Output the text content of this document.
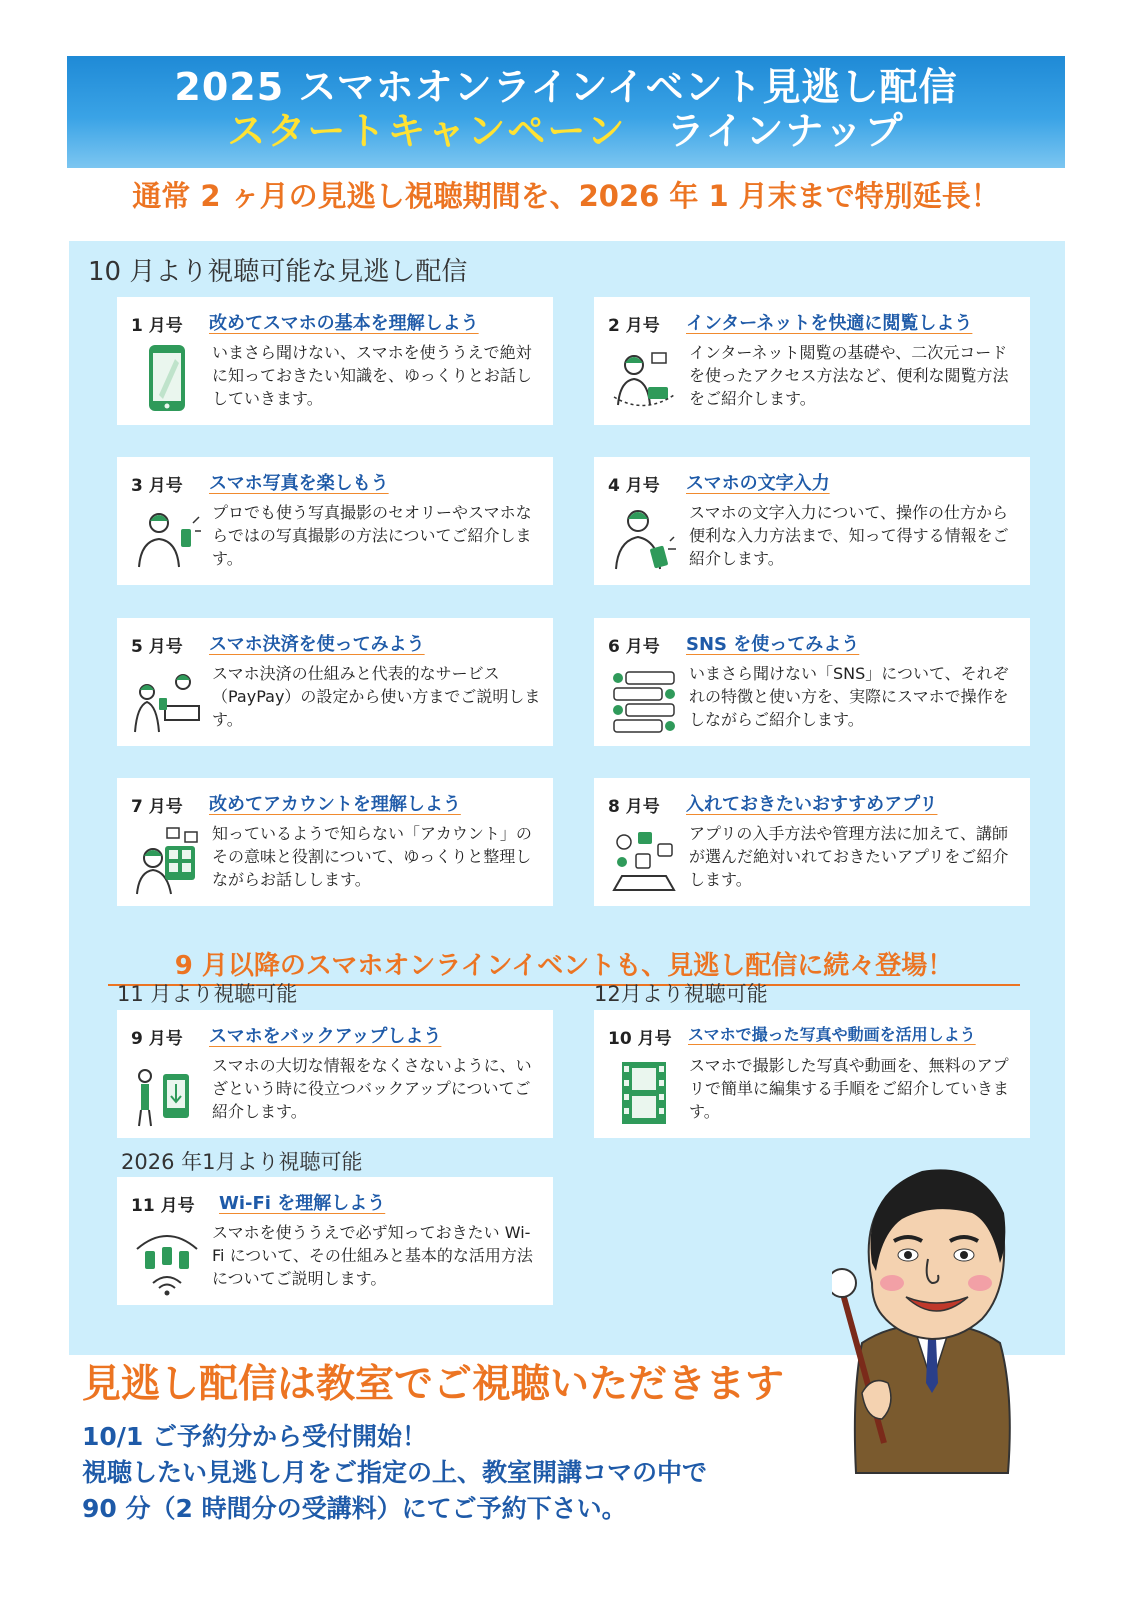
2025 スマホオンラインイベント見逃し配信
スタートキャンペーン ラインナップ
通常 2 ヶ月の見逃し視聴期間を、2026 年 1 月末まで特別延長！
10 月より視聴可能な見逃し配信
1 月号 改めてスマホの基本を理解しよう
いまさら聞けない、スマホを使ううえで絶対に知っておきたい知識を、ゆっくりとお話ししていきます。
2 月号 インターネットを快適に閲覧しよう
インターネット閲覧の基礎や、二次元コードを使ったアクセス方法など、便利な閲覧方法をご紹介します。
3 月号 スマホ写真を楽しもう
プロでも使う写真撮影のセオリーやスマホならではの写真撮影の方法についてご紹介します。
4 月号 スマホの文字入力
スマホの文字入力について、操作の仕方から便利な入力方法まで、知って得する情報をご紹介します。
5 月号 スマホ決済を使ってみよう
スマホ決済の仕組みと代表的なサービス（PayPay）の設定から使い方までご説明します。
6 月号 SNS を使ってみよう
いまさら聞けない「SNS」について、それぞれの特徴と使い方を、実際にスマホで操作をしながらご紹介します。
7 月号 改めてアカウントを理解しよう
知っているようで知らない「アカウント」のその意味と役割について、ゆっくりと整理しながらお話しします。
8 月号 入れておきたいおすすめアプリ
アプリの入手方法や管理方法に加えて、講師が選んだ絶対いれておきたいアプリをご紹介します。
9 月以降のスマホオンラインイベントも、見逃し配信に続々登場！
11 月より視聴可能	12月より視聴可能
9 月号 スマホをバックアップしよう
スマホの大切な情報をなくさないように、いざという時に役立つバックアップについてご紹介します。
10 月号 スマホで撮った写真や動画を活用しよう
スマホで撮影した写真や動画を、無料のアプリで簡単に編集する手順をご紹介していきます。
2026 年1月より視聴可能
11 月号 Wi-Fi を理解しよう
スマホを使ううえで必ず知っておきたい Wi-Fi について、その仕組みと基本的な活用方法についてご説明します。
見逃し配信は教室でご視聴いただきます
10/1 ご予約分から受付開始！
視聴したい見逃し月をご指定の上、教室開講コマの中で
90 分（2 時間分の受講料）にてご予約下さい。
